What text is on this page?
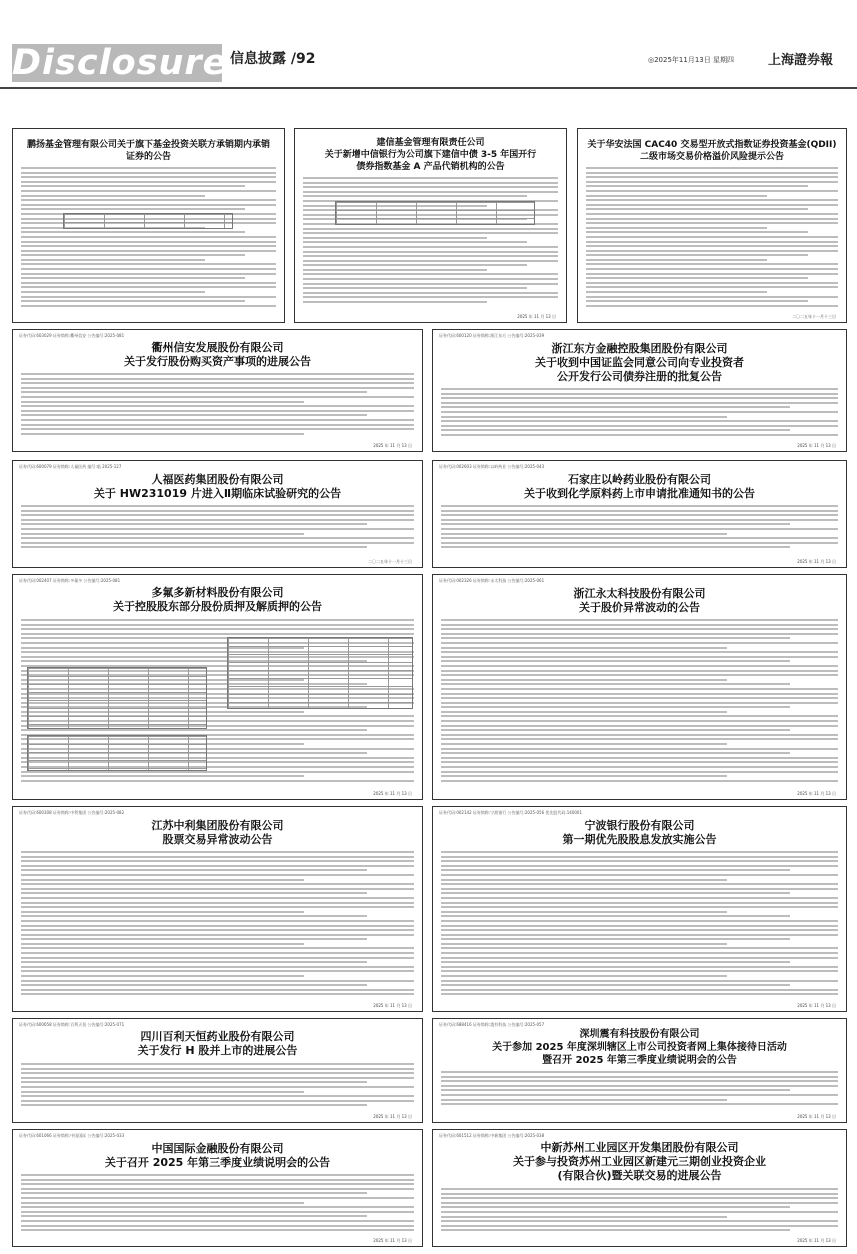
Disclosure 信息披露 /92	◎2025年11月13日 星期四	上海證券報
鹏扬基金管理有限公司关于旗下基金投资关联方承销期内承销
证券的公告
建信基金管理有限责任公司
关于新增中信银行为公司旗下建信中债 3-5 年国开行
债券指数基金 A 产品代销机构的公告
2025 年 11 月 13 日
关于华安法国 CAC40 交易型开放式指数证券投资基金(QDII)
二级市场交易价格溢价风险提示公告
二〇二五年十一月十三日
证券代码:603029 证券简称:衢州信安 公告编号:2025-081
衢州信安发展股份有限公司
关于发行股份购买资产事项的进展公告
2025 年 11 月 13 日
证券代码:600120 证券简称:浙江东方 公告编号:2025-039
浙江东方金融控股集团股份有限公司
关于收到中国证监会同意公司向专业投资者
公开发行公司债券注册的批复公告
2025 年 11 月 13 日
证券代码:600079 证券简称:人福医药 编号:临 2025-127
人福医药集团股份有限公司
关于 HW231019 片进入Ⅱ期临床试验研究的公告
二〇二五年十一月十三日
证券代码:002603 证券简称:以岭药业 公告编号:2025-043
石家庄以岭药业股份有限公司
关于收到化学原料药上市申请批准通知书的公告
2025 年 11 月 13 日
证券代码:002407 证券简称:多氟多 公告编号:2025-081
多氟多新材料股份有限公司
关于控股股东部分股份质押及解质押的公告
2025 年 11 月 13 日
证券代码:002326 证券简称:永太科技 公告编号:2025-061
浙江永太科技股份有限公司
关于股价异常波动的公告
2025 年 11 月 13 日
证券代码:600308 证券简称:中利集团 公告编号:2025-082
江苏中利集团股份有限公司
股票交易异常波动公告
2025 年 11 月 13 日
证券代码:002142 证券简称:宁波银行 公告编号:2025-056 优先股代码:140001
宁波银行股份有限公司
第一期优先股股息发放实施公告
2025 年 11 月 13 日
证券代码:600658 证券简称:百利天恒 公告编号:2025-071
四川百利天恒药业股份有限公司
关于发行 H 股并上市的进展公告
2025 年 11 月 13 日
证券代码:688416 证券简称:震有科技 公告编号:2025-057
深圳震有科技股份有限公司
关于参加 2025 年度深圳辖区上市公司投资者网上集体接待日活动
暨召开 2025 年第三季度业绩说明会的公告
2025 年 11 月 13 日
证券代码:601066 证券简称:中国国际 公告编号:2025-033
中国国际金融股份有限公司
关于召开 2025 年第三季度业绩说明会的公告
2025 年 11 月 13 日
证券代码:601512 证券简称:中新集团 公告编号:2025-038
中新苏州工业园区开发集团股份有限公司
关于参与投资苏州工业园区新建元三期创业投资企业
(有限合伙)暨关联交易的进展公告
2025 年 11 月 13 日
